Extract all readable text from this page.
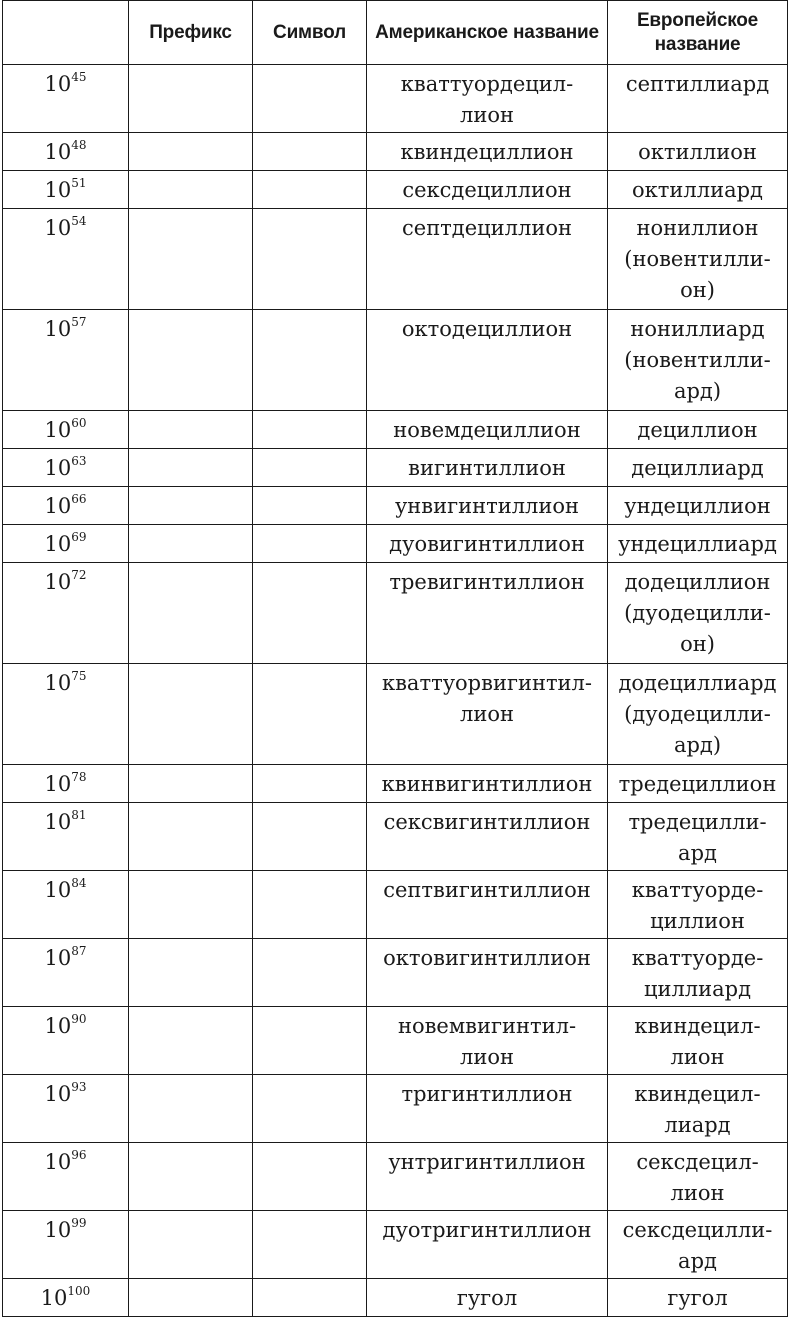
	Префикс	Символ	Американское название	Европейское название
$10^{45}$			кваттуордецил-
лион	септиллиард
$10^{48}$			квиндециллион	октиллион
$10^{51}$			сексдециллион	октиллиард
$10^{54}$			септдециллион	нониллион
(новентилли-
он)
$10^{57}$			октодециллион	нониллиард
(новентилли-
ард)
$10^{60}$			новемдециллион	дециллион
$10^{63}$			вигинтиллион	дециллиард
$10^{66}$			унвигинтиллион	ундециллион
$10^{69}$			дуовигинтиллион	ундециллиард
$10^{72}$			тревигинтиллион	додециллион
(дуодецилли-
он)
$10^{75}$			кваттуорвигинтил-
лион	додециллиард
(дуодецилли-
ард)
$10^{78}$			квинвигинтиллион	тредециллион
$10^{81}$			сексвигинтиллион	тредецилли-
ард
$10^{84}$			септвигинтиллион	кваттуорде-
циллион
$10^{87}$			октовигинтиллион	кваттуорде-
циллиард
$10^{90}$			новемвигинтил-
лион	квиндецил-
лион
$10^{93}$			тригинтиллион	квиндецил-
лиард
$10^{96}$			унтригинтиллион	сексдецил-
лион
$10^{99}$			дуотригинтиллион	сексдецилли-
ард
$10^{100}$			гугол	гугол
